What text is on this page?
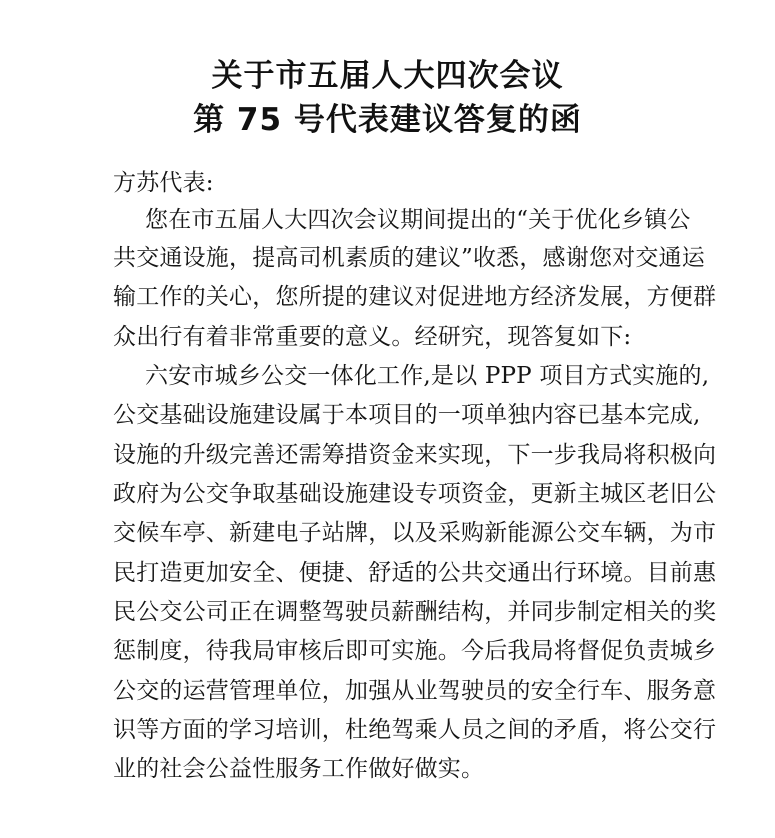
关于市五届人大四次会议
第 75 号代表建议答复的函
方苏代表:
您在市五届人大四次会议期间提出的“关于优化乡镇公
共交通设施，提高司机素质的建议”收悉，感谢您对交通运
输工作的关心，您所提的建议对促进地方经济发展，方便群
众出行有着非常重要的意义。经研究，现答复如下:
六安市城乡公交一体化工作,是以 PPP 项目方式实施的,
公交基础设施建设属于本项目的一项单独内容已基本完成,
设施的升级完善还需筹措资金来实现，下一步我局将积极向
政府为公交争取基础设施建设专项资金，更新主城区老旧公
交候车亭、新建电子站牌，以及采购新能源公交车辆，为市
民打造更加安全、便捷、舒适的公共交通出行环境。目前惠
民公交公司正在调整驾驶员薪酬结构，并同步制定相关的奖
惩制度，待我局审核后即可实施。今后我局将督促负责城乡
公交的运营管理单位，加强从业驾驶员的安全行车、服务意
识等方面的学习培训，杜绝驾乘人员之间的矛盾，将公交行
业的社会公益性服务工作做好做实。
